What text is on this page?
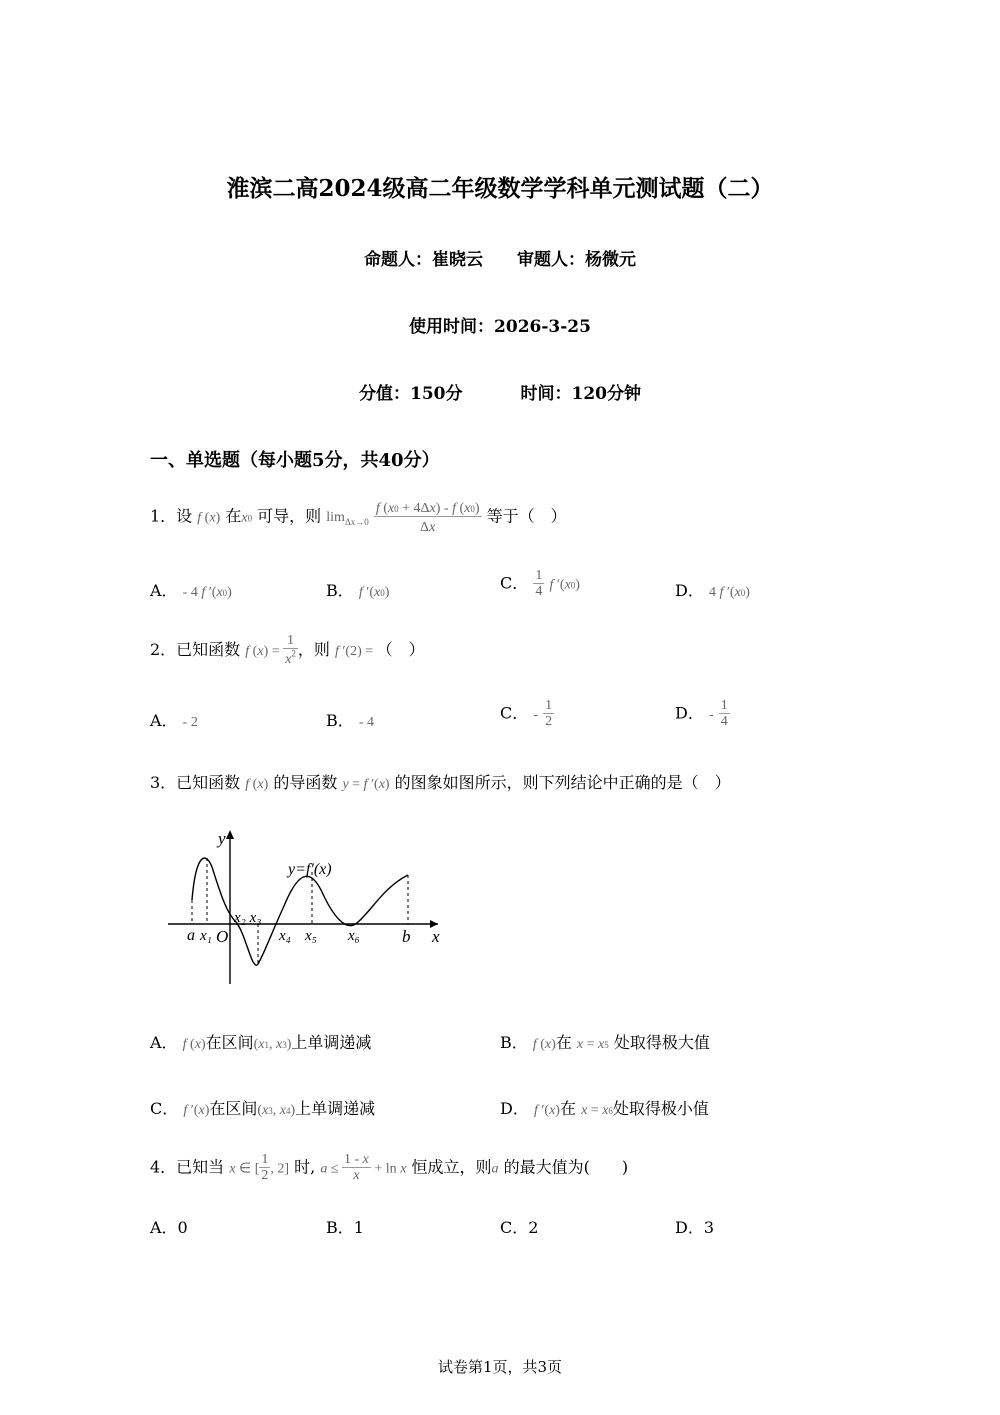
淮滨二高2024级高二年级数学学科单元测试题（二）
命题人：崔晓云 审题人：杨微元
使用时间：2026-3-25
分值：150分	时间：120分钟
一、单选题（每小题5分，共40分）
1．设 f (x) 在x0 可导，则 $\lim_{\Delta x\to 0} \frac{f (x0 + 4\Delta x) - f (x0)}{\Delta x}$ 等于（　）
A． - 4 f ′(x0)	B． f ′(x0)
C． $\frac{1}{4}$ f ′(x0)	D． 4 f ′(x0)
2．已知函数 f $(x) = \frac{1}{x^2}$ ，则 f ′(2) = （　）
A． - 2	B． - 4
C． - $\frac{1}{2}$	D． - $\frac{1}{4}$
3．已知函数 f (x) 的导函数 y = f ′(x) 的图象如图所示，则下列结论中正确的是（　）
y
x
y=f′(x)
a x₁ O
x₂ x₃
x₄ x₅ x₆ b
A． f (x)在区间(x1, x3)上单调递减	B． f (x)在 x = x5 处取得极大值
C． f ′(x)在区间(x3, x4)上单调递减	D． f ′(x)在 x = x6处取得极小值
4．已知当 x ∈ [ $\frac{1}{2}$ , 2] 时, $a \le \frac{1 - x}{x} + \ln x$ 恒成立，则a 的最大值为(　　)
A．0	B．1	C．2	D．3
试卷第1页，共3页
